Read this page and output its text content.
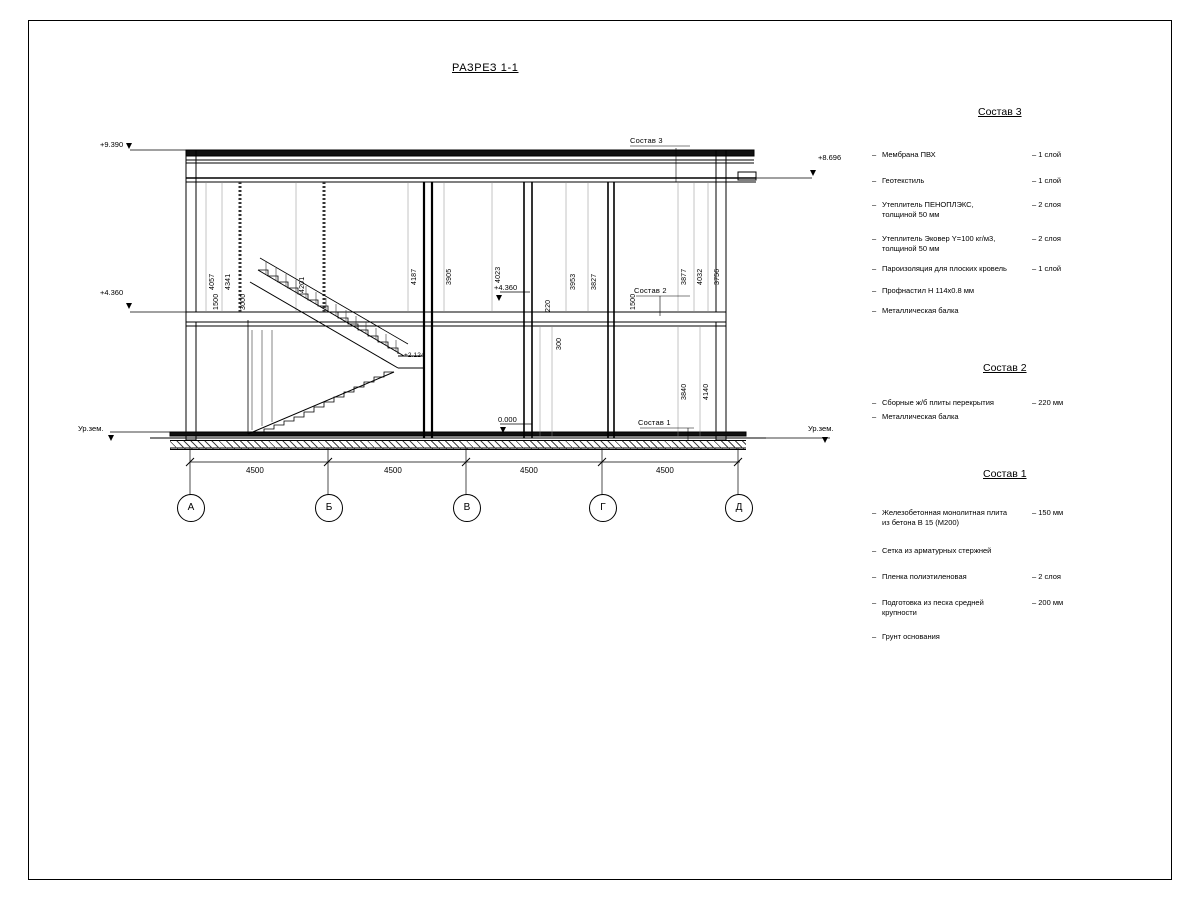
РАЗРЕЗ 1-1
Состав 3
Состав 2
Состав 1
+9.390
+8.696
+4.360
+4.360
0.000
Ур.зем.	Ур.зем.
+2.124
4057 4341
1500	3000
4201	4187	3905	4023
220
300
3953 3827
1500
3877 4032 3756
3840 4140
4500	4500	4500	4500
А	Б	В	Г	Д
Состав 3
– Мембрана ПВХ	– 1 слой
– Геотекстиль	– 1 слой
– Утеплитель ПЕНОПЛЭКС,	– 2 слоя
толщиной 50 мм
– Утеплитель Эковер Y=100 кг/м3,	– 2 слоя
толщиной 50 мм
– Пароизоляция для плоских кровель	– 1 слой
– Профнастил Н 114х0.8 мм
– Металлическая балка
Состав 2
– Сборные ж/б плиты перекрытия	– 220 мм
– Металлическая балка
Состав 1
– Железобетонная монолитная плита	– 150 мм
из бетона В 15 (М200)
– Сетка из арматурных стержней
– Пленка полиэтиленовая	– 2 слоя
– Подготовка из песка средней	– 200 мм
крупности
– Грунт основания
